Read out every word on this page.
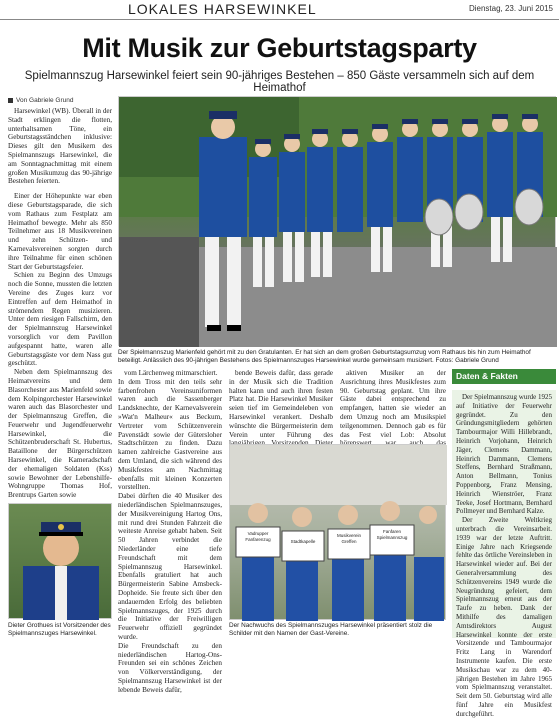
LOKALES HARSEWINKEL	Dienstag, 23. Juni 2015
Mit Musik zur Geburtstagsparty
Spielmannszug Harsewinkel feiert sein 90-jähriges Bestehen – 850 Gäste versammeln sich auf dem Heimathof
Von Gabriele Grund

Harsewinkel (WB). Überall in der Stadt erklingen die flotten, unterhaltsamen Töne, ein Geburtstagsständchen inklusive: Dieses gilt den Musikern des Spielmannszugs Harsewinkel, die am Sonntagnachmittag mit einem großen Musikumzug das 90-jährige Bestehen feierten.

Einer der Höhepunkte war eben diese Geburtstagsparade, die sich vom Rathaus zum Festplatz am Heimathof bewegte. Mehr als 850 Teilnehmer aus 18 Musikvereinen und zehn Schützen- und Karnevalsvereinen sorgten durch ihre Teilnahme für einen schönen Start der Geburtstagsfeier.

Schien zu Beginn des Umzugs noch die Sonne, mussten die letzten Vereine des Zuges kurz vor Eintreffen auf dem Heimathof in strömendem Regen musizieren. Unter dem riesigen Fallschirm, den der Spielmannszug Harsewinkel vorsorglich vor dem Pavillon aufgespannt hatte, waren alle Geburtstagsgäste vor dem Nass gut geschützt.

Neben dem Spielmannszug des Heimatvereins und dem Blasorchester aus Marienfeld sowie dem Kolpingorchester Harsewinkel waren auch das Blasorchester und der Spielmannszug Greffen, die Feuerwehr und Jugendfeuerwehr Harsewinkel, die Schützenbruderschaft St. Hubertus, Bataillone der Bürgerschützen Harsewinkel, die Kameradschaft der ehemaligen Soldaten (Kss) sowie Bewohner der Lebenshilfe-Wohngruppe Thomas Hof, Brentrups Garten sowie

Der Spielmannszug Marienfeld gehört mit zu den Gratulanten. Er hat sich an dem großen Geburtstagsumzug vom Rathaus bis hin zum Heimathof beteiligt. Anlässlich des 90-jährigen Bestehens des Spielmannszuges Harsewinkel wurde gemeinsam musiziert. Fotos: Gabriele Grund

vom Lärchenweg mitmarschiert.
In dem Tross mit den teils sehr farbenfrohen Vereinsuniformen waren auch die Sassenberger Landsknechte, der Karnevalsverein »Wat'n Malheur« aus Beckum, Vertreter vom Schützenverein Pavenstädt sowie der Gütersloher Stadtschützen zu finden. Dazu kamen zahlreiche Gastvereine aus dem Umland, die sich während des Musikfestes am Nachmittag ebenfalls mit kleinen Konzerten vorstellten.
Dabei dürften die 40 Musiker des niederländischen Spielmannszuges, der Musikvereinigung Hartog Ons, mit rund drei Stunden Fahrzeit die weiteste Anreise gehabt haben. Seit 50 Jahren verbindet die Niederländer eine tiefe Freundschaft mit dem Spielmannszug Harsewinkel. Ebenfalls gratuliert hat auch Bürgermeisterin Sabine Amsbeck-Dopheide. Sie freute sich über den andauernden Erfolg des beliebten Spielmannszuges, der 1925 durch die Initiative der Freiwilligen Feuerwehr offiziell gegründet wurde.
Die Freundschaft zu den niederländischen Hartog-Ons-Freunden sei ein schönes Zeichen von Völkerverständigung, der Spielmannszug Harsewinkel ist der lebende Beweis dafür,

bende Beweis dafür, dass gerade in der Musik sich die Tradition halten kann und auch ihren festen Platz hat. Die Harsewinkel Musiker seien tief im Gemeindeleben von Harsewinkel verankert. Deshalb wünschte die Bürgermeisterin dem Verein unter Führung des

aktiven Musiker an der Ausrichtung ihres Musikfestes zum 90. Geburtstag geplant. Um ihre Gäste dabei entsprechend zu empfangen, hatten sie wieder an dem Umzug noch am Musikspiel teilgenommen. Dennoch gab es für das Fest viel Lob: Absolut

Vadrupper Fanfarenzug	Stadtkapelle
Musikverein Greffen
Fanfaren Spielmannszug
Der Nachwuchs des Spielmannszuges Harsewinkel präsentiert stolz die Schilder mit den Namen der Gast-Vereine.
Dieter Grothues ist Vorsitzender des Spielmannszuges Harsewinkel.
Daten & Fakten

Der Spielmannszug wurde 1925 auf Initiative der Feuerwehr gegründet. Zu den Gründungsmitgliedern gehörten Tambourmajor Willi Hillebrandt, Heinrich Vorjohann, Heinrich Jäger, Clemens Dammann, Heinrich Dammann, Clemens Steffens, Bernhard Straßmann, Anton Bellmann, Tonius Poppenborg, Franz Mensing, Heinrich Wienströer, Franz Teeke, Josef Hortmann, Bernhard Pollmeyer und Bernhard Kalze.

Der Zweite Weltkrieg unterbrach die Vereinsarbeit. 1939 war der letzte Auftritt. Einige Jahre nach Kriegsende fehlte das örtliche Vereinsleben in Harsewinkel wieder auf. Bei der Generalversammlung des Schützenvereins 1949 wurde die Neugründung gefeiert, dem Spielmannszug erneut aus der Taufe zu heben. Dank der Mithilfe des damaligen Amtsdirektors August Harsewinkel konnte der erste Vorsitzende und Tambourmajor Fritz Lang in Warendorf Instrumente kaufen. Die erste Musikschau war zu dem 40-jährigen Bestehen im Jahre 1965 vom Spielmannszug veranstaltet. Seit dem 50. Geburtstag wird alle fünf Jahre ein Musikfest durchgeführt.
